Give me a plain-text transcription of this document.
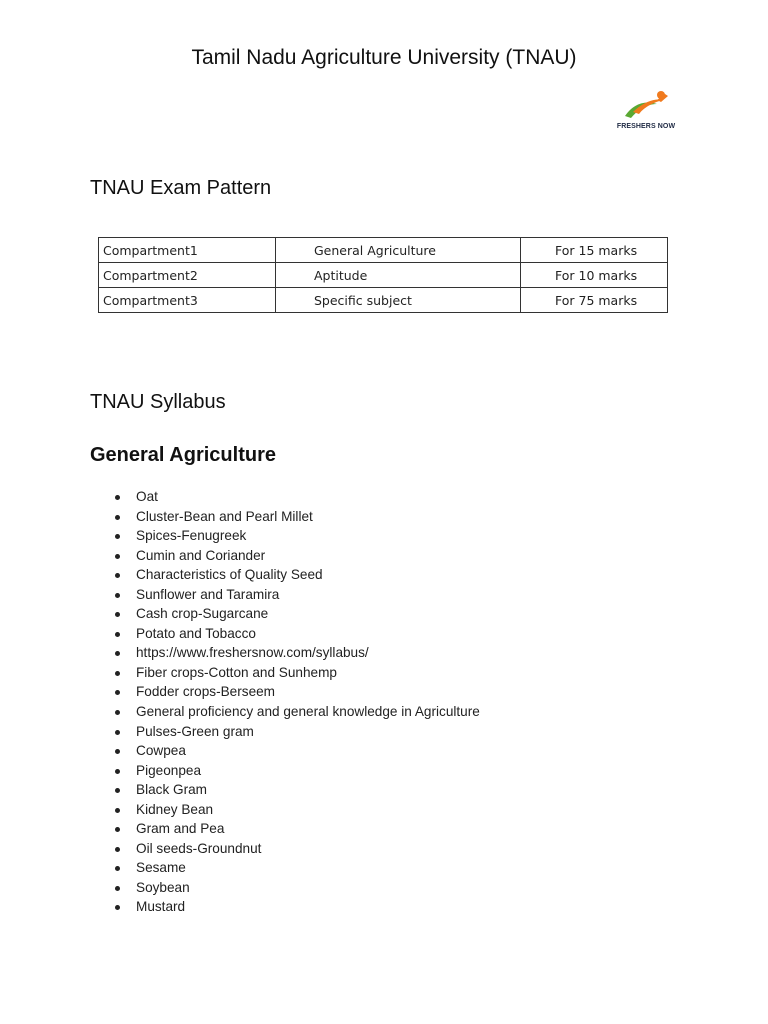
Tamil Nadu Agriculture University (TNAU)
FRESHERS NOW
TNAU Exam Pattern
Compartment1	General Agriculture	For 15 marks
Compartment2	Aptitude	For 10 marks
Compartment3	Specific subject	For 75 marks
TNAU Syllabus
General Agriculture
Oat
Cluster-Bean and Pearl Millet
Spices-Fenugreek
Cumin and Coriander
Characteristics of Quality Seed
Sunflower and Taramira
Cash crop-Sugarcane
Potato and Tobacco
https://www.freshersnow.com/syllabus/
Fiber crops-Cotton and Sunhemp
Fodder crops-Berseem
General proficiency and general knowledge in Agriculture
Pulses-Green gram
Cowpea
Pigeonpea
Black Gram
Kidney Bean
Gram and Pea
Oil seeds-Groundnut
Sesame
Soybean
Mustard
